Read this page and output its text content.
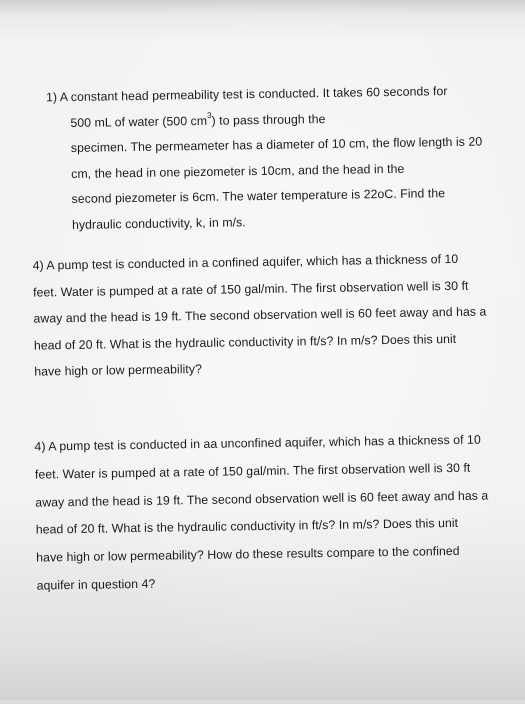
1) A constant head permeability test is conducted. It takes 60 seconds for
500 mL of water (500 $cm^3$) to pass through the
specimen. The permeameter has a diameter of 10 cm, the flow length is 20
cm, the head in one piezometer is 10cm, and the head in the
second piezometer is 6cm. The water temperature is 22oC. Find the
hydraulic conductivity, k, in m/s.
4) A pump test is conducted in a confined aquifer, which has a thickness of 10
feet. Water is pumped at a rate of 150 gal/min. The first observation well is 30 ft
away and the head is 19 ft. The second observation well is 60 feet away and has a
head of 20 ft. What is the hydraulic conductivity in ft/s? In m/s? Does this unit
have high or low permeability?
4) A pump test is conducted in aa unconfined aquifer, which has a thickness of 10
feet. Water is pumped at a rate of 150 gal/min. The first observation well is 30 ft
away and the head is 19 ft. The second observation well is 60 feet away and has a
head of 20 ft. What is the hydraulic conductivity in ft/s? In m/s? Does this unit
have high or low permeability? How do these results compare to the confined
aquifer in question 4?
